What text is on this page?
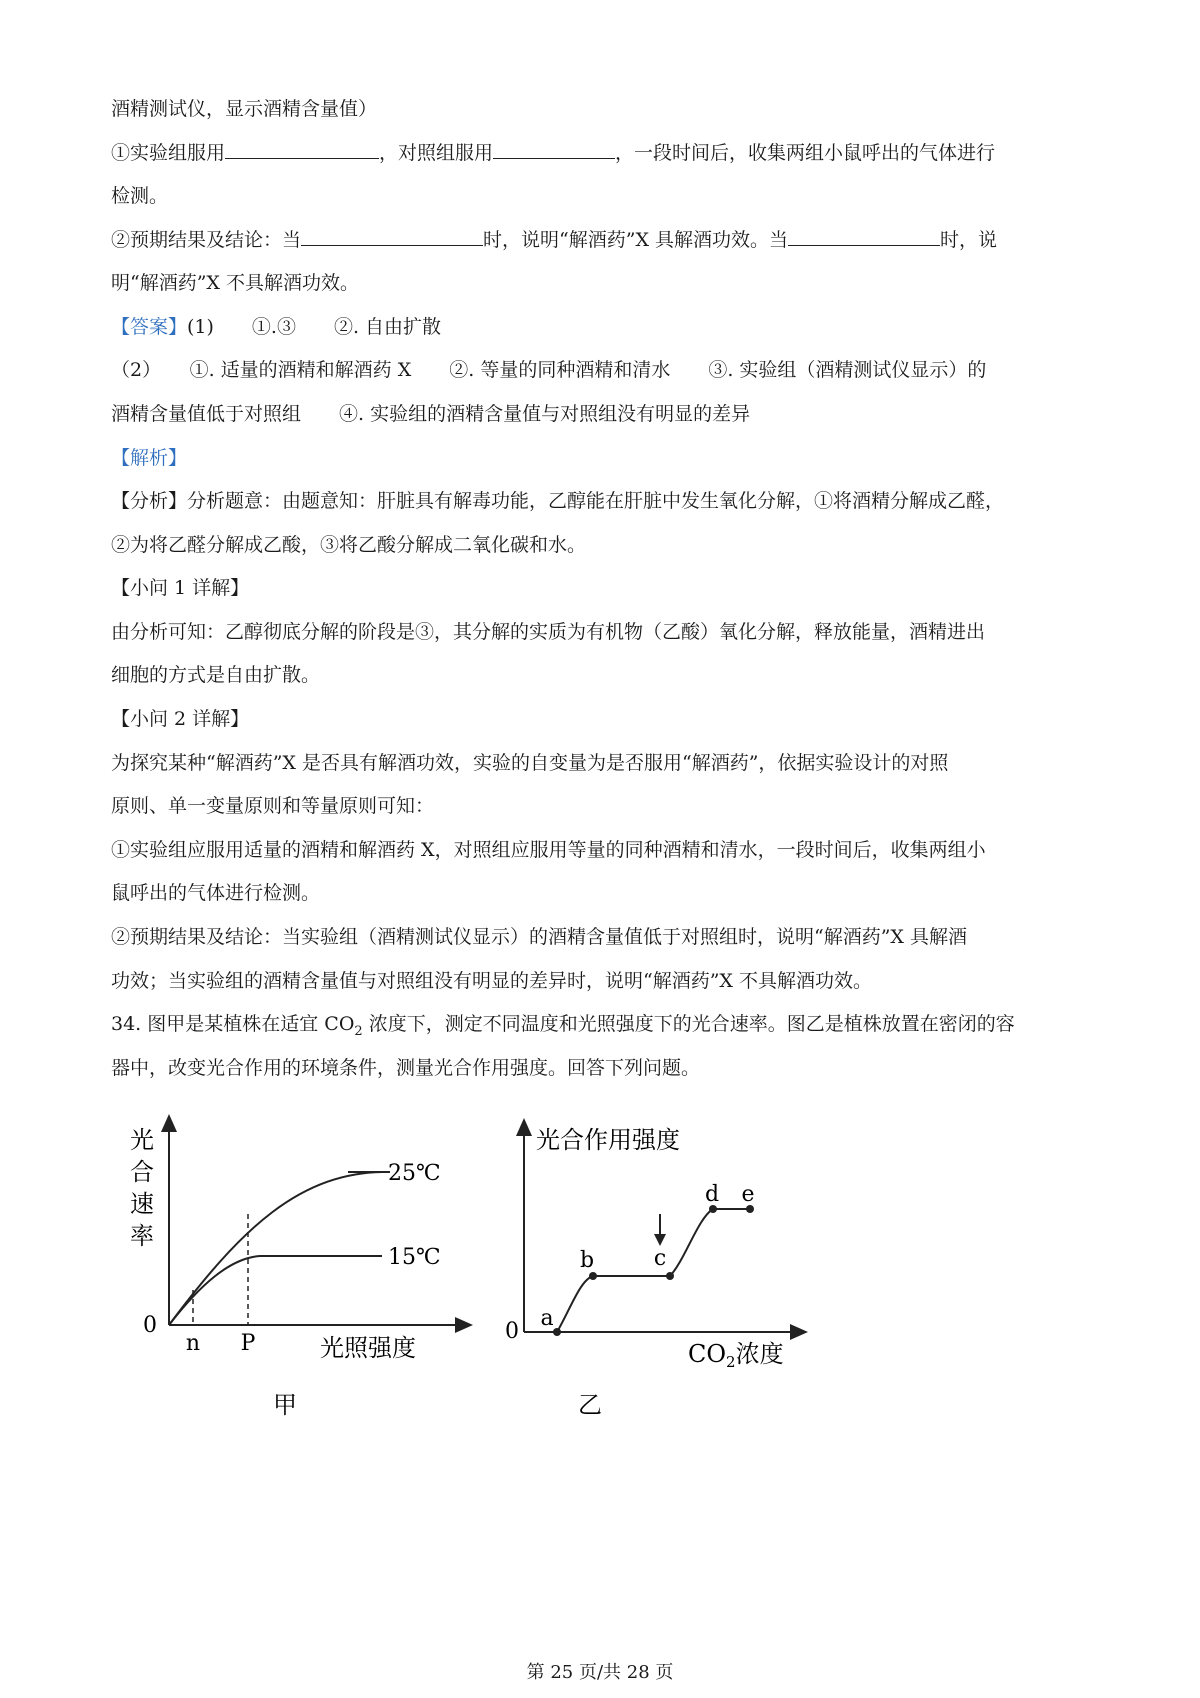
酒精测试仪，显示酒精含量值）
①实验组服用	，对照组服用	，一段时间后，收集两组小鼠呼出的气体进行
检测。
②预期结果及结论：当	时，说明“解酒药”X 具解酒功效。当	时，说
明“解酒药”X 不具解酒功效。
【答案】(1)　　①.③　　②. 自由扩散
（2）　　①. 适量的酒精和解酒药 X　　②. 等量的同种酒精和清水　　③. 实验组（酒精测试仪显示）的
酒精含量值低于对照组　　④. 实验组的酒精含量值与对照组没有明显的差异
【解析】
【分析】分析题意：由题意知：肝脏具有解毒功能，乙醇能在肝脏中发生氧化分解，①将酒精分解成乙醛，
②为将乙醛分解成乙酸，③将乙酸分解成二氧化碳和水。
【小问 1 详解】
由分析可知：乙醇彻底分解的阶段是③，其分解的实质为有机物（乙酸）氧化分解，释放能量，酒精进出
细胞的方式是自由扩散。
【小问 2 详解】
为探究某种“解酒药”X 是否具有解酒功效，实验的自变量为是否服用“解酒药”，依据实验设计的对照
原则、单一变量原则和等量原则可知：
①实验组应服用适量的酒精和解酒药 X，对照组应服用等量的同种酒精和清水，一段时间后，收集两组小
鼠呼出的气体进行检测。
②预期结果及结论：当实验组（酒精测试仪显示）的酒精含量值低于对照组时，说明“解酒药”X 具解酒
功效；当实验组的酒精含量值与对照组没有明显的差异时，说明“解酒药”X 不具解酒功效。
34. 图甲是某植株在适宜 $CO_2$ 浓度下，测定不同温度和光照强度下的光合速率。图乙是植株放置在密闭的容
器中，改变光合作用的环境条件，测量光合作用强度。回答下列问题。
光
合
速
率
0
25℃
15℃
n P	光照强度
甲
光合作用强度
0
a
b	c
d e
$CO_2$浓度
乙
第 25 页/共 28 页
